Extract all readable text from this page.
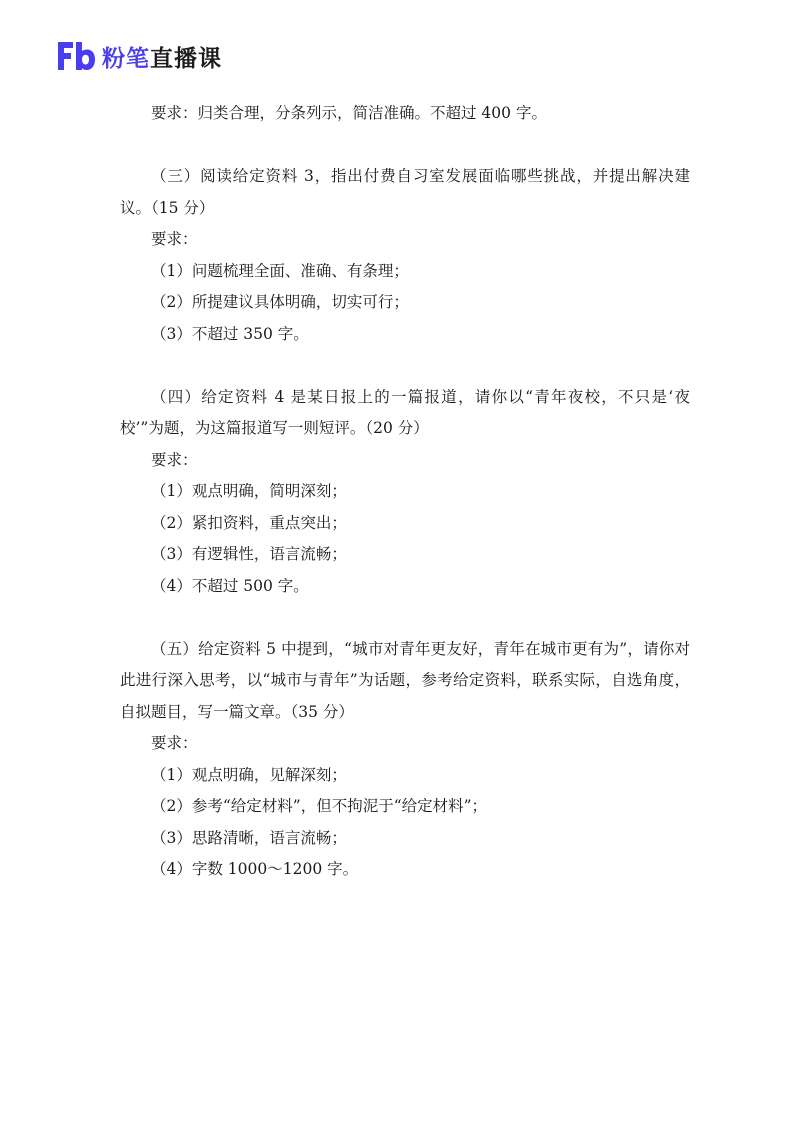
粉笔直播课

要求：归类合理，分条列示，简洁准确。不超过 400 字。

（三）阅读给定资料 3，指出付费自习室发展面临哪些挑战，并提出解决建议。（15 分）

要求：

（1）问题梳理全面、准确、有条理；

（2）所提建议具体明确，切实可行；

（3）不超过 350 字。

（四）给定资料 4 是某日报上的一篇报道，请你以“青年夜校，不只是‘夜校’”为题，为这篇报道写一则短评。（20 分）

要求：

（1）观点明确，简明深刻；

（2）紧扣资料，重点突出；

（3）有逻辑性，语言流畅；

（4）不超过 500 字。

（五）给定资料 5 中提到，“城市对青年更友好，青年在城市更有为”，请你对此进行深入思考，以“城市与青年”为话题，参考给定资料，联系实际，自选角度，自拟题目，写一篇文章。（35 分）

要求：

（1）观点明确，见解深刻；

（2）参考“给定材料”，但不拘泥于“给定材料”；

（3）思路清晰，语言流畅；

（4）字数 1000～1200 字。
